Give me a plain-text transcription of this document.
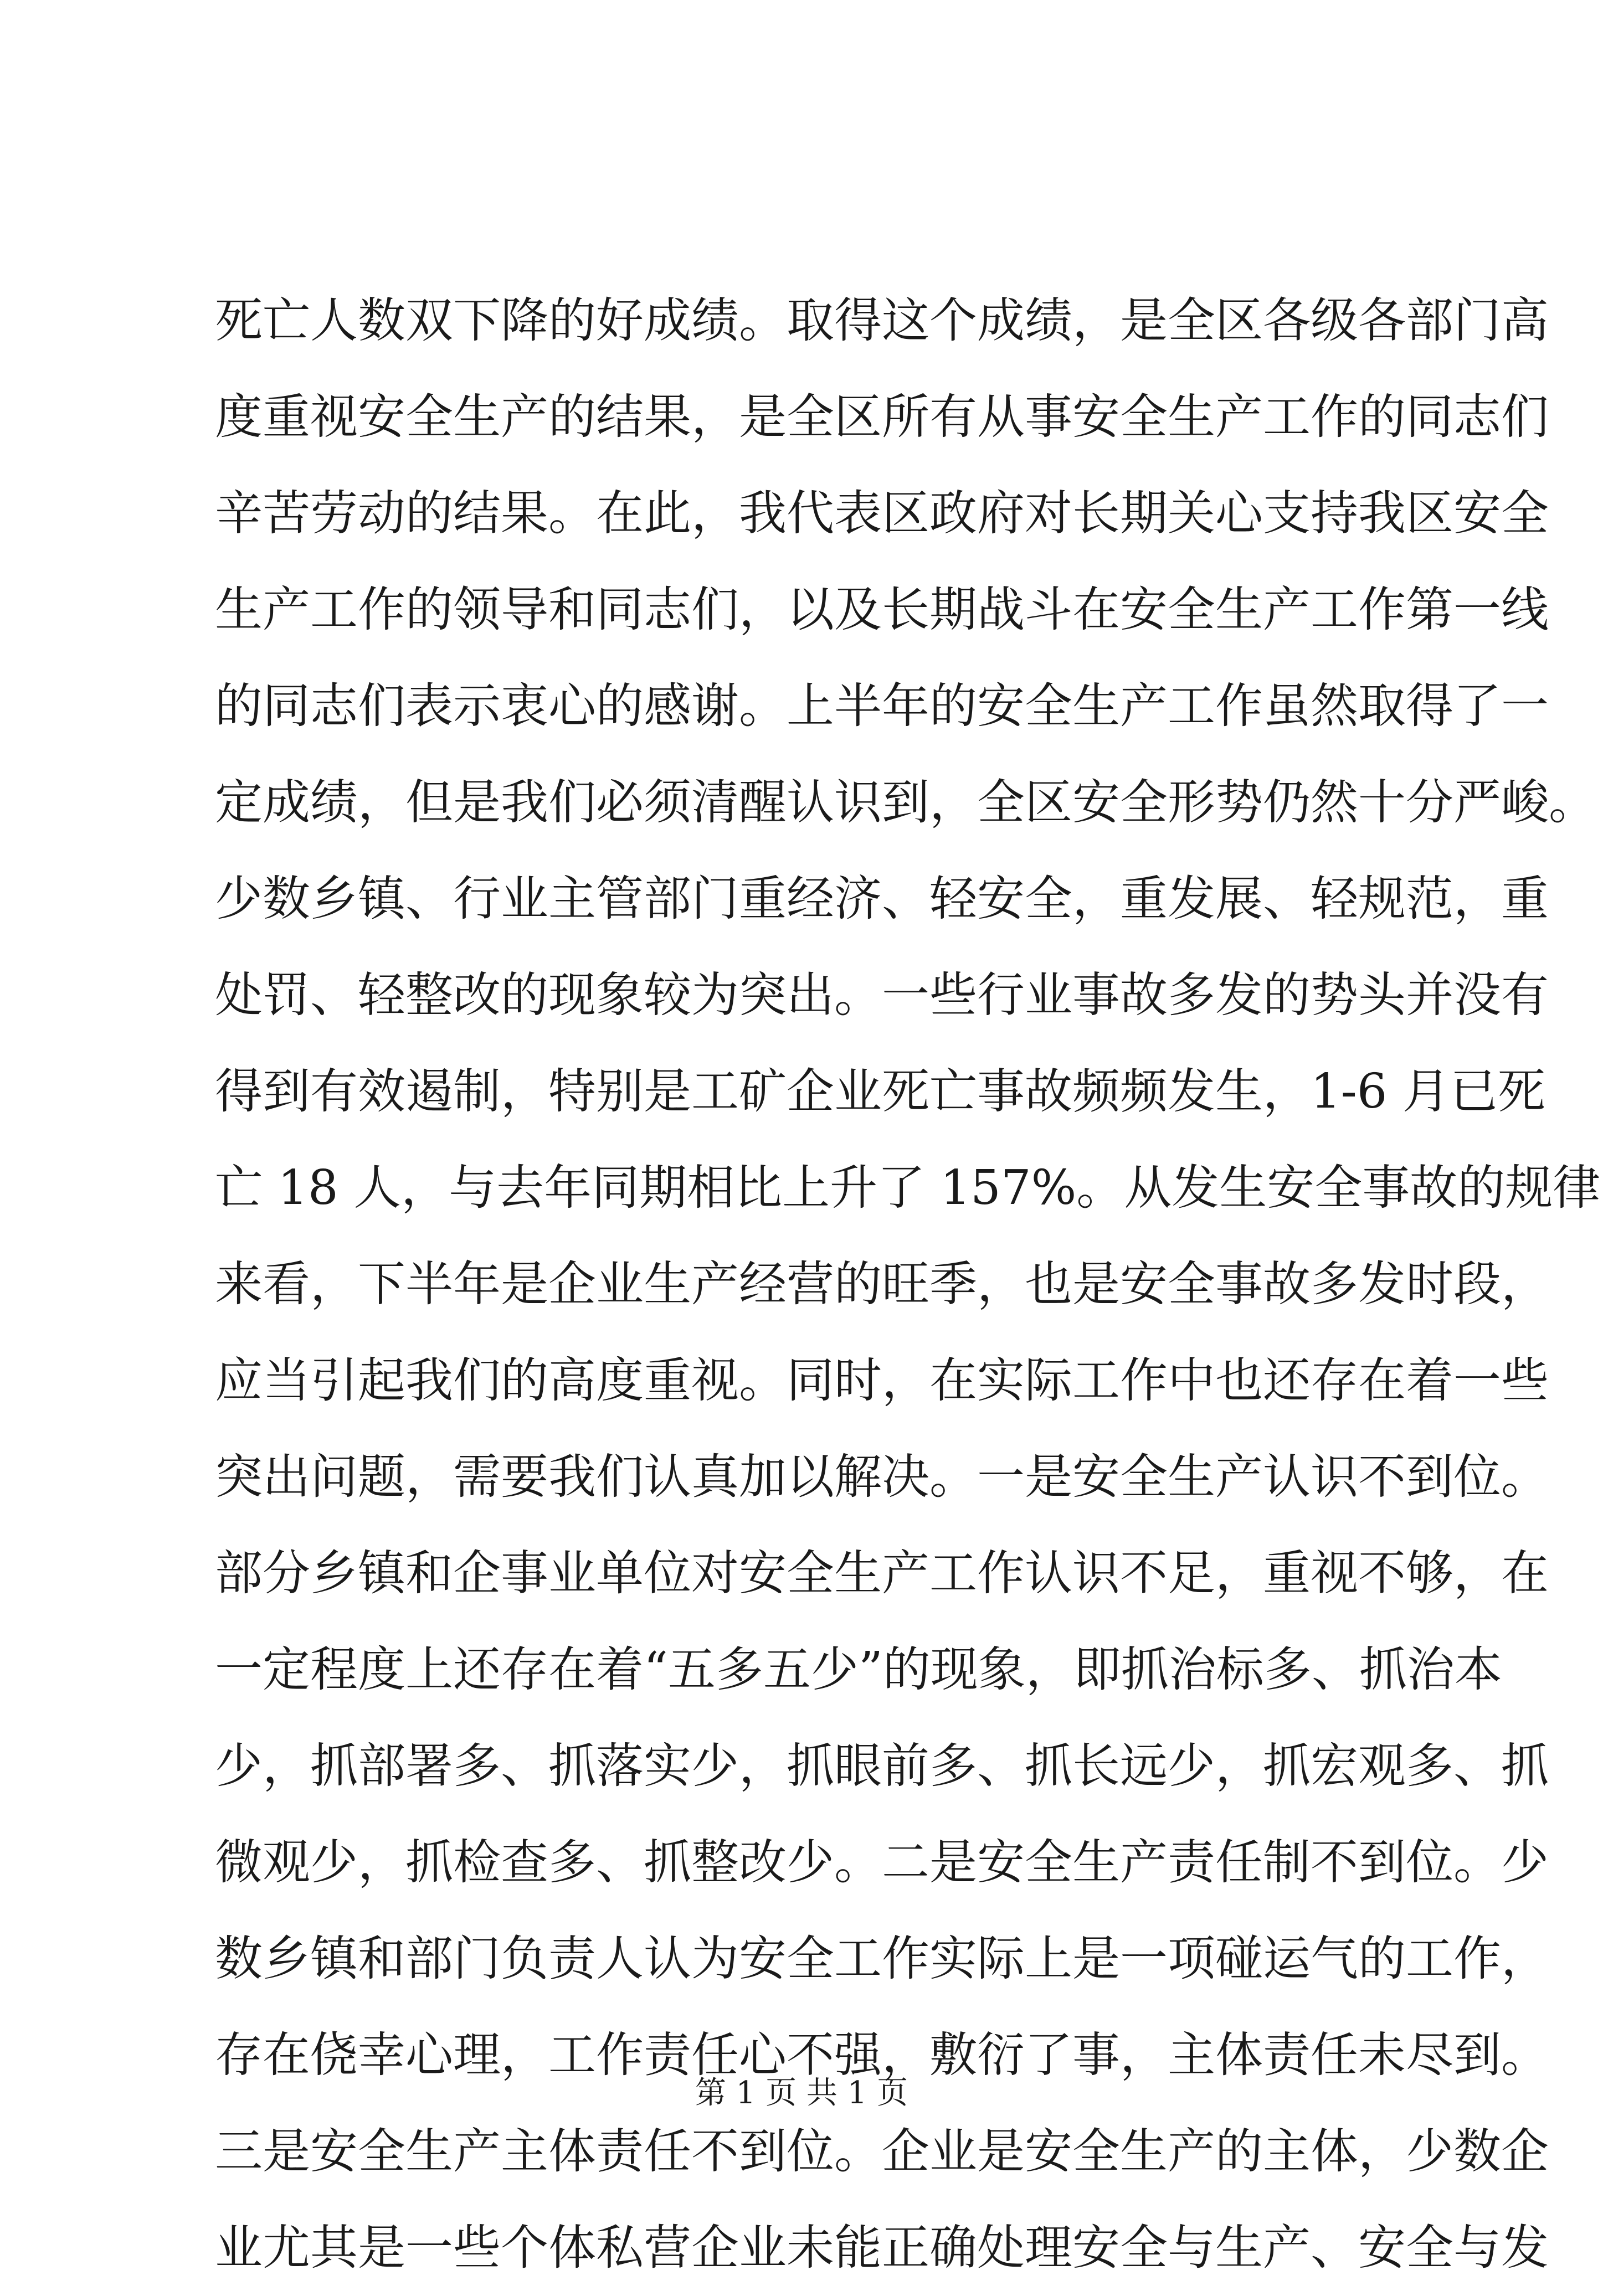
死亡人数双下降的好成绩。取得这个成绩，是全区各级各部门高
度重视安全生产的结果，是全区所有从事安全生产工作的同志们
辛苦劳动的结果。在此，我代表区政府对长期关心支持我区安全
生产工作的领导和同志们，以及长期战斗在安全生产工作第一线
的同志们表示衷心的感谢。上半年的安全生产工作虽然取得了一
定成绩，但是我们必须清醒认识到，全区安全形势仍然十分严峻。
少数乡镇、行业主管部门重经济、轻安全，重发展、轻规范，重
处罚、轻整改的现象较为突出。一些行业事故多发的势头并没有
得到有效遏制，特别是工矿企业死亡事故频频发生，1-6 月已死
亡 18 人，与去年同期相比上升了 157%。从发生安全事故的规律
来看，下半年是企业生产经营的旺季，也是安全事故多发时段，
应当引起我们的高度重视。同时，在实际工作中也还存在着一些
突出问题，需要我们认真加以解决。一是安全生产认识不到位。
部分乡镇和企事业单位对安全生产工作认识不足，重视不够，在
一定程度上还存在着“五多五少”的现象，即抓治标多、抓治本
少，抓部署多、抓落实少，抓眼前多、抓长远少，抓宏观多、抓
微观少，抓检查多、抓整改少。二是安全生产责任制不到位。少
数乡镇和部门负责人认为安全工作实际上是一项碰运气的工作，
存在侥幸心理，工作责任心不强，敷衍了事，主体责任未尽到。
三是安全生产主体责任不到位。企业是安全生产的主体，少数企
业尤其是一些个体私营企业未能正确处理安全与生产、安全与发
第 1 页 共 1 页
